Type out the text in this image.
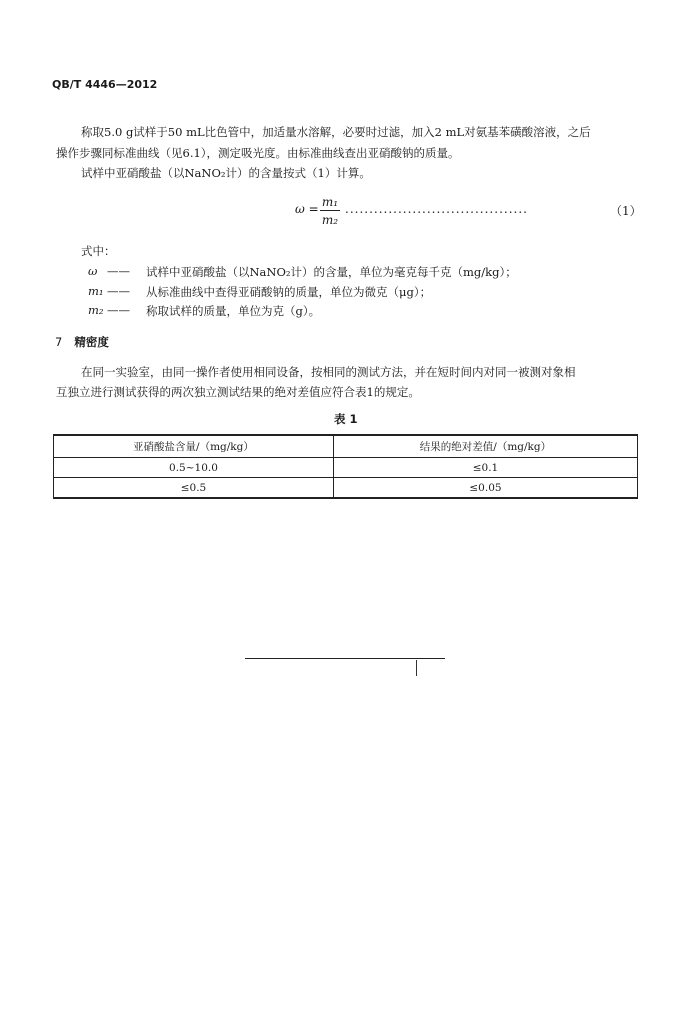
QB/T 4446—2012
称取5.0 g试样于50 mL比色管中，加适量水溶解，必要时过滤，加入2 mL对氨基苯磺酸溶液，之后
操作步骤同标准曲线（见6.1），测定吸光度。由标准曲线查出亚硝酸钠的质量。
试样中亚硝酸盐（以NaNO₂计）的含量按式（1）计算。
ω = m₁
m₂
......................................	（1）
式中：
ω —— 试样中亚硝酸盐（以NaNO₂计）的含量，单位为毫克每千克（mg/kg）；
m₁ —— 从标准曲线中查得亚硝酸钠的质量，单位为微克（μg）；
m₂ —— 称取试样的质量，单位为克（g）。
7 精密度
在同一实验室，由同一操作者使用相同设备，按相同的测试方法，并在短时间内对同一被测对象相
互独立进行测试获得的两次独立测试结果的绝对差值应符合表1的规定。
表 1
亚硝酸盐含量/（mg/kg）	结果的绝对差值/（mg/kg）
0.5~10.0	≤0.1
≤0.5	≤0.05
